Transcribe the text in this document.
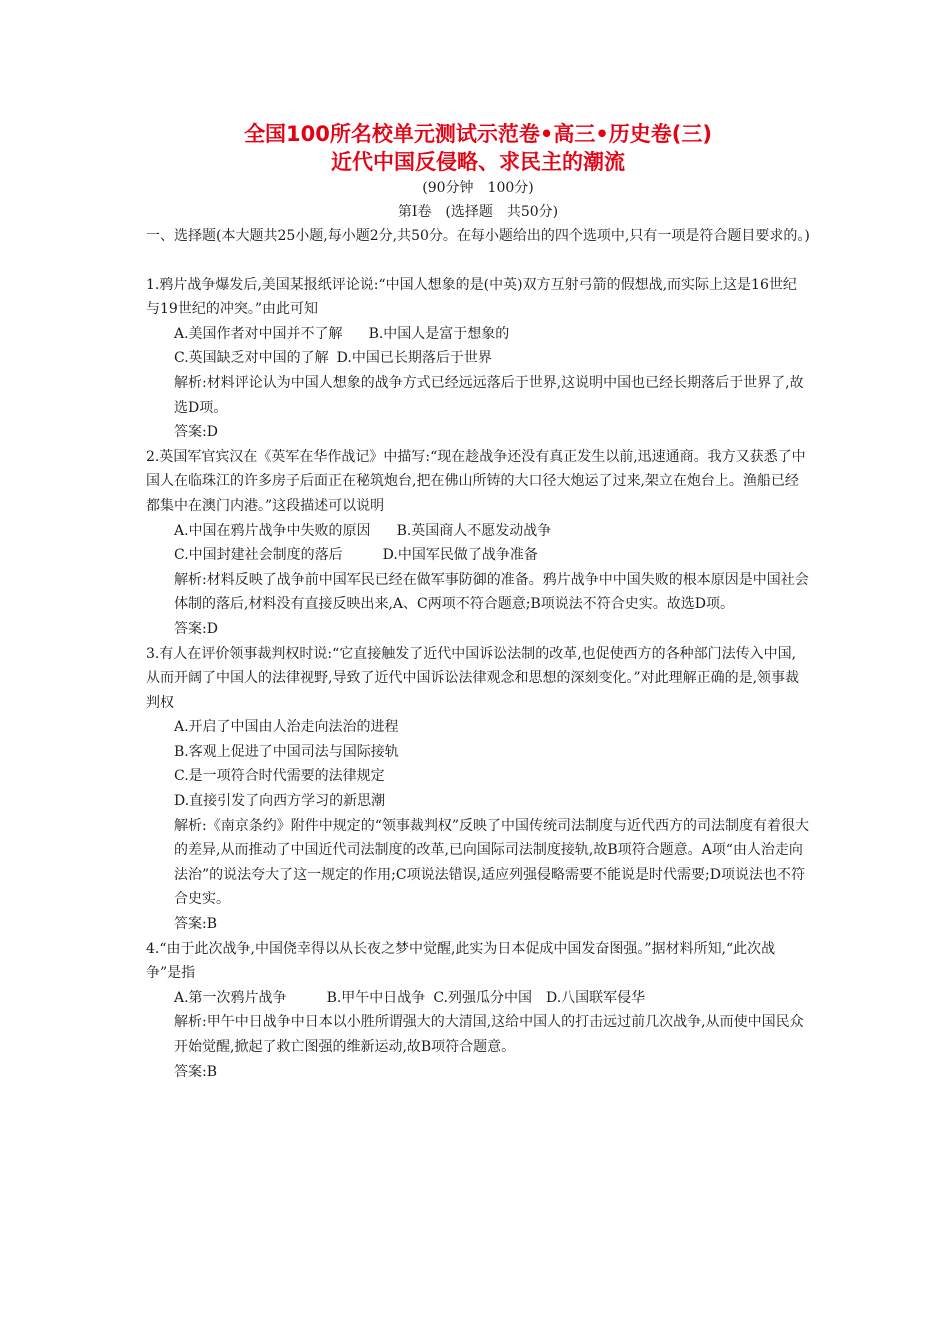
全国100所名校单元测试示范卷•高三•历史卷(三)
近代中国反侵略、求民主的潮流

(90分钟　100分)

第Ⅰ卷　(选择题　共50分)

一、选择题(本大题共25小题,每小题2分,共50分。在每小题给出的四个选项中,只有一项是符合题目要求的。)

1.鸦片战争爆发后,美国某报纸评论说:“中国人想象的是(中英)双方互射弓箭的假想战,而实际上这是16世纪与19世纪的冲突。”由此可知

A.美国作者对中国并不了解 B.中国人是富于想象的

C.英国缺乏对中国的了解 D.中国已长期落后于世界

解析:材料评论认为中国人想象的战争方式已经远远落后于世界,这说明中国也已经长期落后于世界了,故选D项。

答案:D

2.英国军官宾汉在《英军在华作战记》中描写:“现在趁战争还没有真正发生以前,迅速通商。我方又获悉了中国人在临珠江的许多房子后面正在秘筑炮台,把在佛山所铸的大口径大炮运了过来,架立在炮台上。渔船已经都集中在澳门内港。”这段描述可以说明

A.中国在鸦片战争中失败的原因 B.英国商人不愿发动战争

C.中国封建社会制度的落后	D.中国军民做了战争准备

解析:材料反映了战争前中国军民已经在做军事防御的准备。鸦片战争中中国失败的根本原因是中国社会体制的落后,材料没有直接反映出来,A、C两项不符合题意;B项说法不符合史实。故选D项。

答案:D

3.有人在评价领事裁判权时说:“它直接触发了近代中国诉讼法制的改革,也促使西方的各种部门法传入中国,从而开阔了中国人的法律视野,导致了近代中国诉讼法律观念和思想的深刻变化。”对此理解正确的是,领事裁判权

A.开启了中国由人治走向法治的进程

B.客观上促进了中国司法与国际接轨

C.是一项符合时代需要的法律规定

D.直接引发了向西方学习的新思潮

解析:《南京条约》附件中规定的“领事裁判权”反映了中国传统司法制度与近代西方的司法制度有着很大的差异,从而推动了中国近代司法制度的改革,已向国际司法制度接轨,故B项符合题意。A项“由人治走向法治”的说法夸大了这一规定的作用;C项说法错误,适应列强侵略需要不能说是时代需要;D项说法也不符合史实。

答案:B

4.“由于此次战争,中国侥幸得以从长夜之梦中觉醒,此实为日本促成中国发奋图强。”据材料所知,“此次战争”是指

A.第一次鸦片战争	B.甲午中日战争 C.列强瓜分中国 D.八国联军侵华

解析:甲午中日战争中日本以小胜所谓强大的大清国,这给中国人的打击远过前几次战争,从而使中国民众开始觉醒,掀起了救亡图强的维新运动,故B项符合题意。

答案:B
